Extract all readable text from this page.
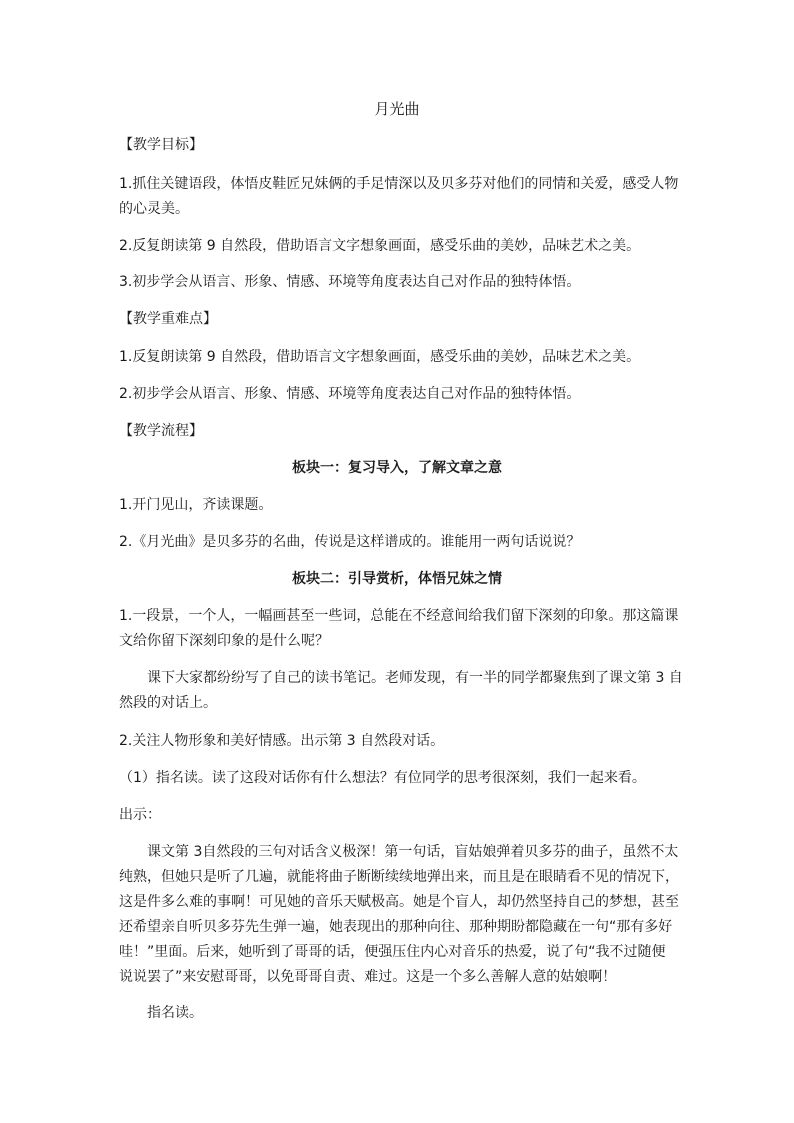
月光曲
【教学目标】
1.抓住关键语段，体悟皮鞋匠兄妹俩的手足情深以及贝多芬对他们的同情和关爱，感受人物
的心灵美。
2.反复朗读第 9 自然段，借助语言文字想象画面，感受乐曲的美妙，品味艺术之美。
3.初步学会从语言、形象、情感、环境等角度表达自己对作品的独特体悟。
【教学重难点】
1.反复朗读第 9 自然段，借助语言文字想象画面，感受乐曲的美妙，品味艺术之美。
2.初步学会从语言、形象、情感、环境等角度表达自己对作品的独特体悟。
【教学流程】
板块一：复习导入，了解文章之意
1.开门见山，齐读课题。
2.《月光曲》是贝多芬的名曲，传说是这样谱成的。谁能用一两句话说说？
板块二：引导赏析，体悟兄妹之情
1.一段景，一个人，一幅画甚至一些词，总能在不经意间给我们留下深刻的印象。那这篇课
文给你留下深刻印象的是什么呢？
课下大家都纷纷写了自己的读书笔记。老师发现，有一半的同学都聚焦到了课文第 3 自
然段的对话上。
2.关注人物形象和美好情感。出示第 3 自然段对话。
（1）指名读。读了这段对话你有什么想法？有位同学的思考很深刻，我们一起来看。
出示：
课文第 3自然段的三句对话含义极深！第一句话，盲姑娘弹着贝多芬的曲子，虽然不太
纯熟，但她只是听了几遍，就能将曲子断断续续地弹出来，而且是在眼睛看不见的情况下，
这是件多么难的事啊！可见她的音乐天赋极高。她是个盲人，却仍然坚持自己的梦想，甚至
还希望亲自听贝多芬先生弹一遍，她表现出的那种向往、那种期盼都隐藏在一句“那有多好
哇！”里面。后来，她听到了哥哥的话，便强压住内心对音乐的热爱，说了句“我不过随便
说说罢了”来安慰哥哥，以免哥哥自责、难过。这是一个多么善解人意的姑娘啊！
指名读。
